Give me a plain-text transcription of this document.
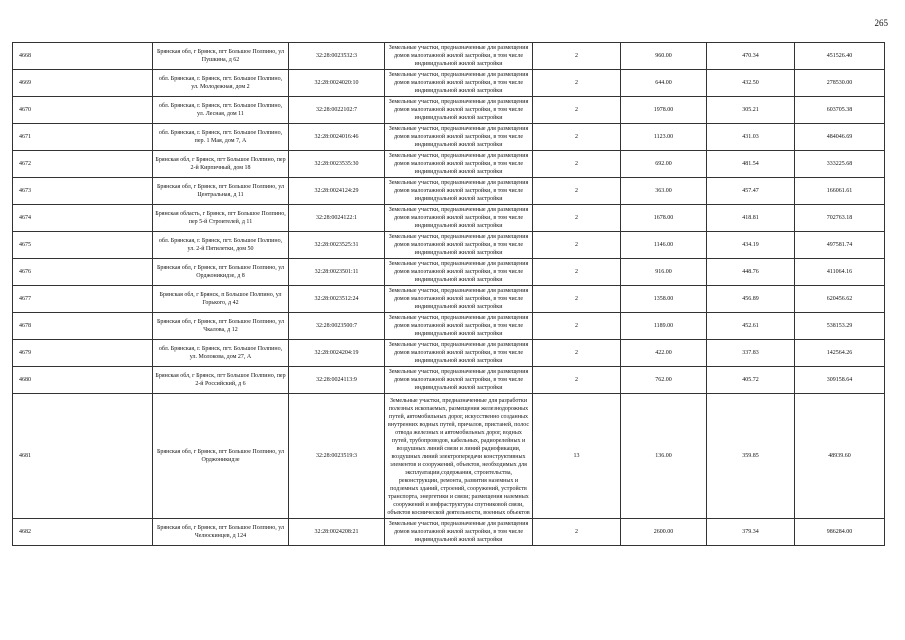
265
4668	Брянская обл, г Брянск, пгт Большое Полпино, ул Пушкина, д 62	32:28:0023532:3	Земельные участки, предназначенные для размещения домов малоэтажной жилой застройки, в том числе индивидуальной жилой застройки	2	960.00	470.34	451526.40
4669	обл. Брянская, г. Брянск, пгт. Большое Полпино, ул. Молодежная, дом 2	32:28:0024020:10	Земельные участки, предназначенные для размещения домов малоэтажной жилой застройки, в том числе индивидуальной жилой застройки	2	644.00	432.50	278530.00
4670	обл. Брянская, г. Брянск, пгт. Большое Полпино, ул. Лесная, дом 11	32:28:0022102:7	Земельные участки, предназначенные для размещения домов малоэтажной жилой застройки, в том числе индивидуальной жилой застройки	2	1978.00	305.21	603705.38
4671	обл. Брянская, г. Брянск, пгт. Большое Полпино, пер. 1 Мая, дом 7, А	32:28:0024016:46	Земельные участки, предназначенные для размещения домов малоэтажной жилой застройки, в том числе индивидуальной жилой застройки	2	1123.00	431.03	484046.69
4672	Брянская обл, г Брянск, пгт Большое Полпино, пер 2-й Кирпичный, дом 18	32:28:0023535:30	Земельные участки, предназначенные для размещения домов малоэтажной жилой застройки, в том числе индивидуальной жилой застройки	2	692.00	481.54	333225.68
4673	Брянская обл, г Брянск, пгт Большое Полпино, ул Центральная, д 11	32:28:0024124:29	Земельные участки, предназначенные для размещения домов малоэтажной жилой застройки, в том числе индивидуальной жилой застройки	2	363.00	457.47	166061.61
4674	Брянская область, г Брянск, пгт Большое Полпино, пер 5-й Строителей, д 11	32:28:0024122:1	Земельные участки, предназначенные для размещения домов малоэтажной жилой застройки, в том числе индивидуальной жилой застройки	2	1678.00	418.81	702763.18
4675	обл. Брянская, г. Брянск, пгт. Большое Полпино, ул. 2-й Пятилетки, дом 50	32:28:0023525:31	Земельные участки, предназначенные для размещения домов малоэтажной жилой застройки, в том числе индивидуальной жилой застройки	2	1146.00	434.19	497581.74
4676	Брянская обл, г Брянск, пгт Большое Полпино, ул Орджоникидзе, д 8	32:28:0023501:11	Земельные участки, предназначенные для размещения домов малоэтажной жилой застройки, в том числе индивидуальной жилой застройки	2	916.00	448.76	411064.16
4677	Брянская обл, г Брянск, п Большое Полпино, ул Горького, д 42	32:28:0023512:24	Земельные участки, предназначенные для размещения домов малоэтажной жилой застройки, в том числе индивидуальной жилой застройки	2	1358.00	456.89	620456.62
4678	Брянская обл, г Брянск, пгт Большое Полпино, ул Чкалова, д 12	32:28:0023500:7	Земельные участки, предназначенные для размещения домов малоэтажной жилой застройки, в том числе индивидуальной жилой застройки	2	1189.00	452.61	538153.29
4679	обл. Брянская, г. Брянск, пгт. Большое Полпино, ул. Молокова, дом 27, А	32:28:0024204:19	Земельные участки, предназначенные для размещения домов малоэтажной жилой застройки, в том числе индивидуальной жилой застройки	2	422.00	337.83	142564.26
4680	Брянская обл, г Брянск, пгт Большое Полпино, пер 2-й Российский, д 6	32:28:0024113:9	Земельные участки, предназначенные для размещения домов малоэтажной жилой застройки, в том числе индивидуальной жилой застройки	2	762.00	405.72	309158.64
4681	Брянская обл, г Брянск, пгт Большое Полпино, ул Орджоникидзе	32:28:0023519:3	Земельные участки, предназначенные для разработки полезных ископаемых, размещения железнодорожных путей, автомобильных дорог, искусственно созданных внутренних водных путей, причалов, пристаней, полос отвода железных и автомобильных дорог, водных путей, трубопроводов, кабельных, радиорелейных и воздушных линий связи и линий радиофикации, воздушных линий электропередачи конструктивных элементов и сооружений, объектов, необходимых для эксплуатации,содержания, строительства, реконструкции, ремонта, развития наземных и подземных зданий, строений, сооружений, устройств транспорта, энергетики и связи; размещения наземных сооружений и инфраструктуры спутниковой связи, объектов космической деятельности, военных объектов	13	136.00	359.85	48939.60
4682	Брянская обл, г Брянск, пгт Большое Полпино, ул Челюскинцев, д 124	32:28:0024208:21	Земельные участки, предназначенные для размещения домов малоэтажной жилой застройки, в том числе индивидуальной жилой застройки	2	2600.00	379.34	986284.00
